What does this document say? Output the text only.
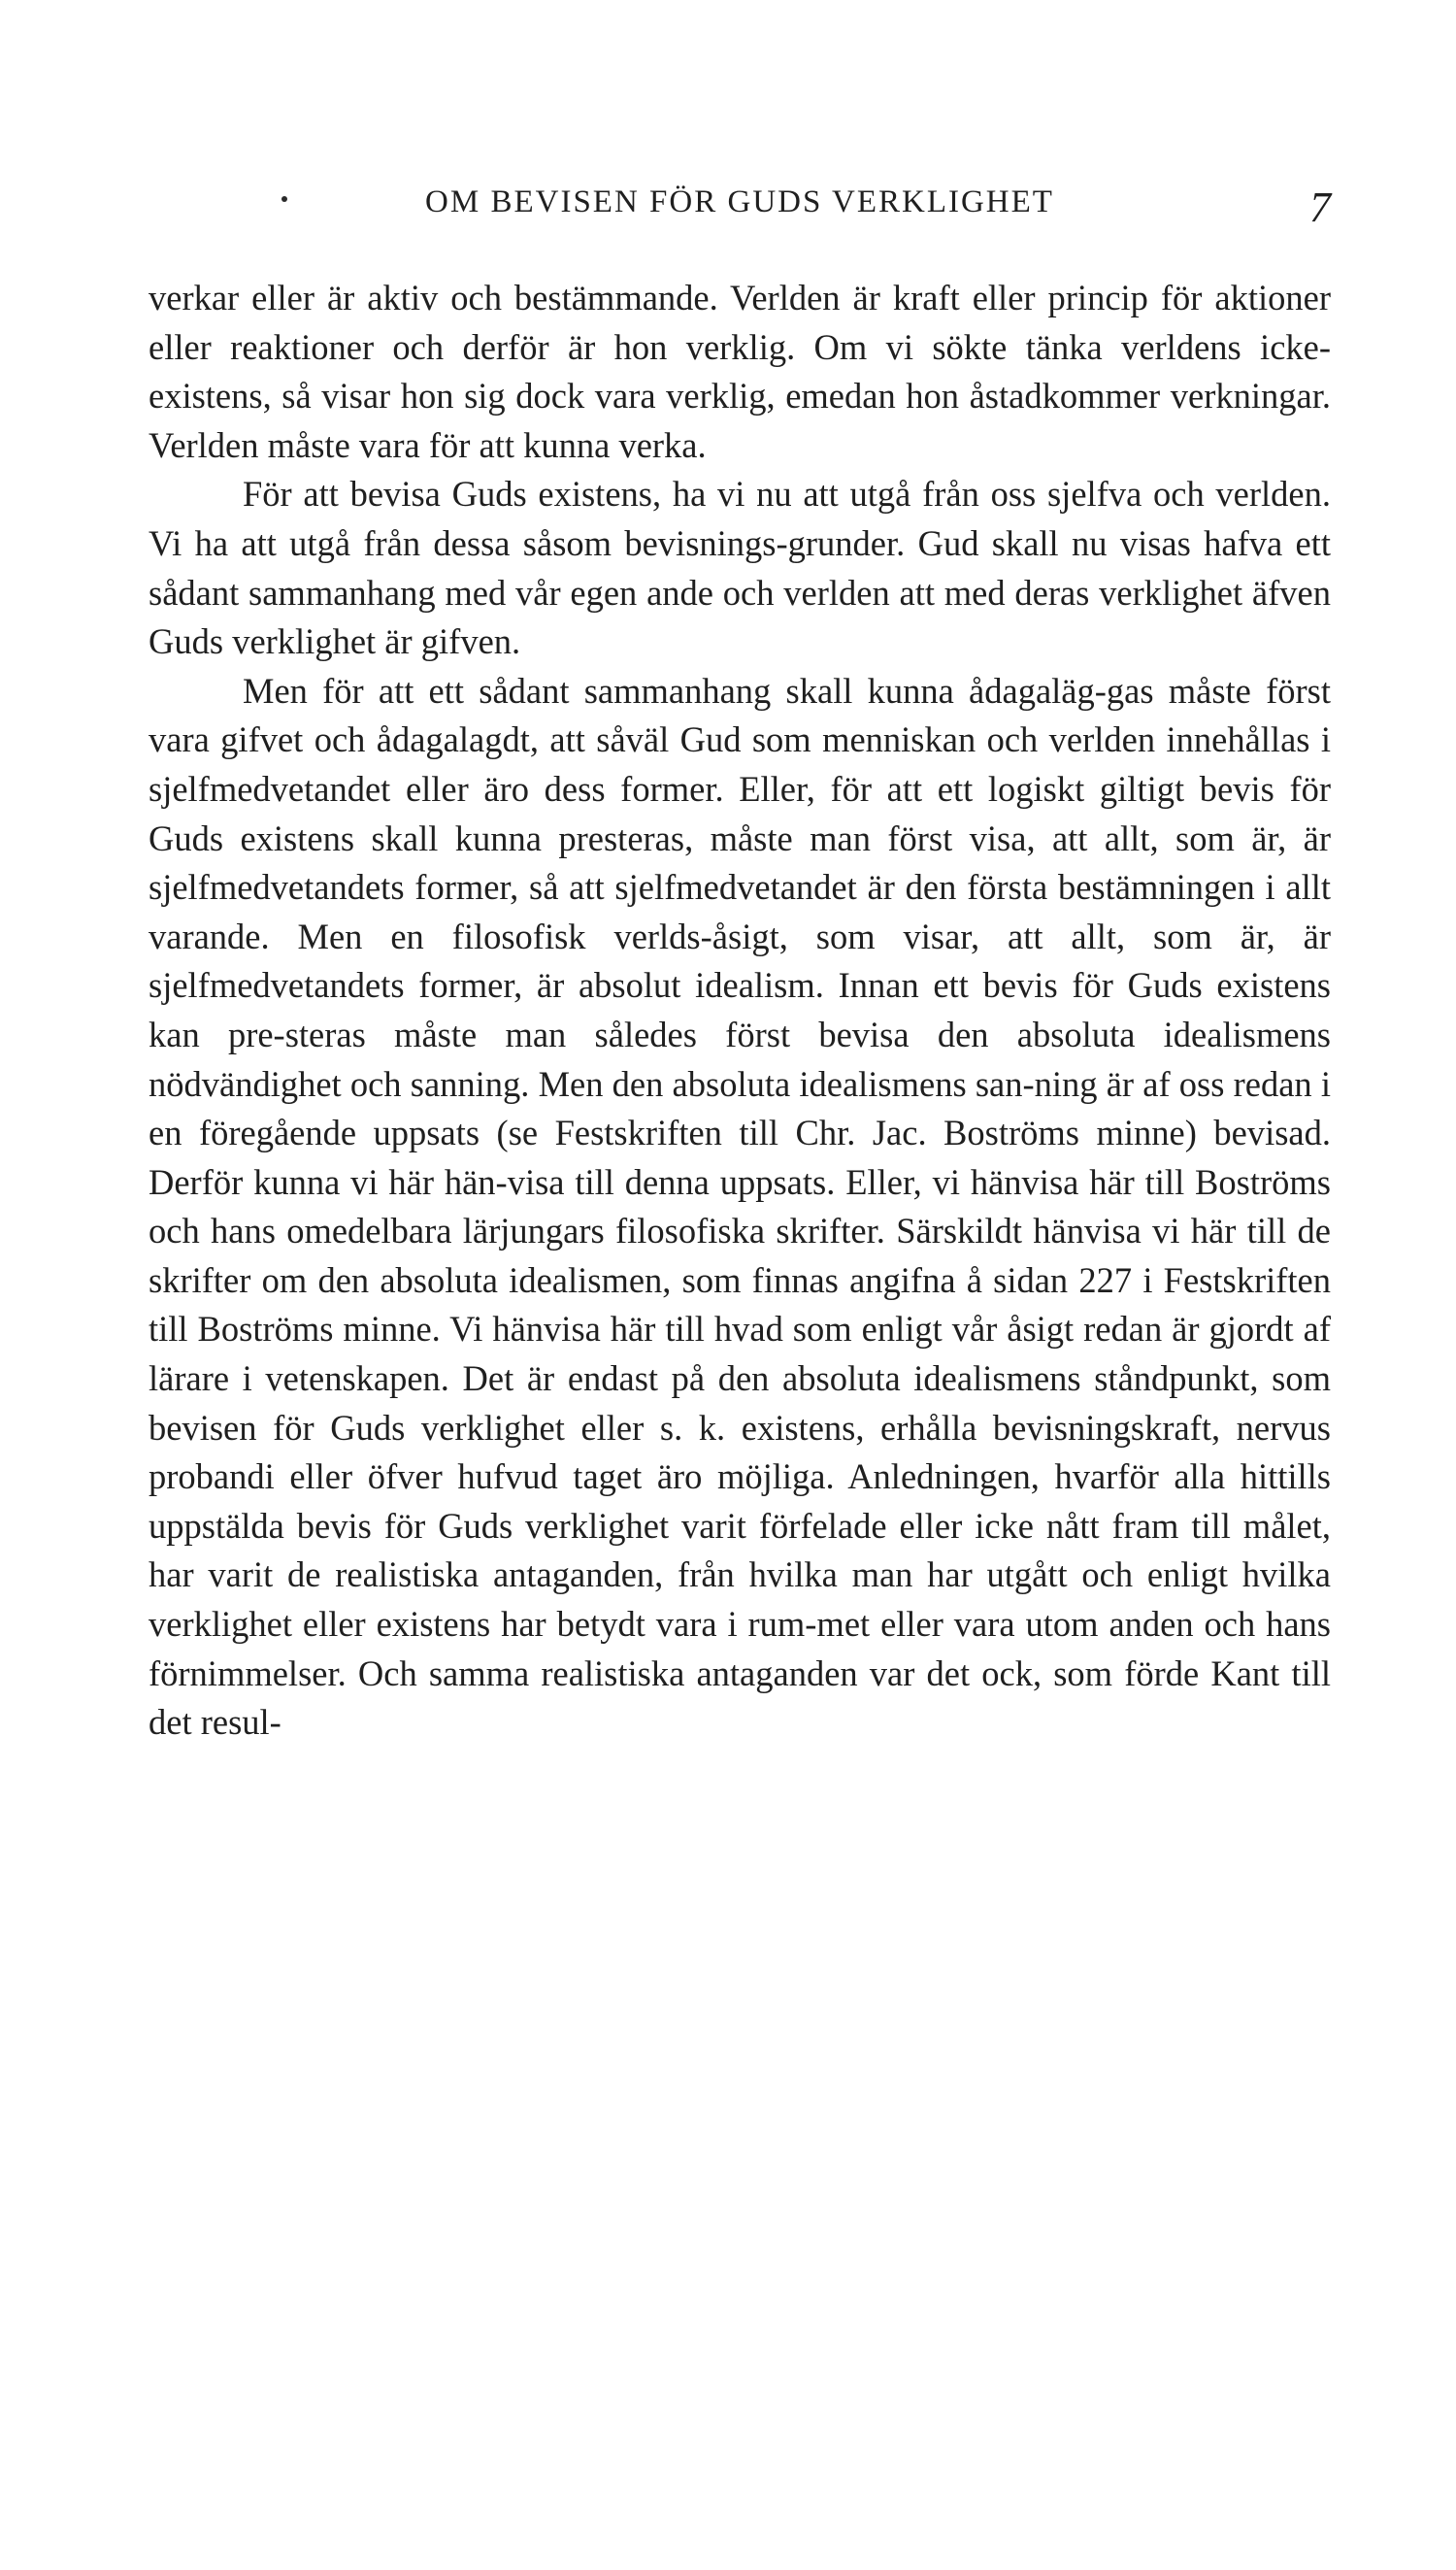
OM BEVISEN FÖR GUDS VERKLIGHET	7

verkar eller är aktiv och bestämmande. Verlden är kraft eller princip för aktioner eller reaktioner och derför är hon verklig. Om vi sökte tänka verldens icke-existens, så visar hon sig dock vara verklig, emedan hon åstadkommer verkningar. Verlden måste vara för att kunna verka.

För att bevisa Guds existens, ha vi nu att utgå från oss sjelfva och verlden. Vi ha att utgå från dessa såsom bevisnings-grunder. Gud skall nu visas hafva ett sådant sammanhang med vår egen ande och verlden att med deras verklighet äfven Guds verklighet är gifven.

Men för att ett sådant sammanhang skall kunna ådagaläg-gas måste först vara gifvet och ådagalagdt, att såväl Gud som menniskan och verlden innehållas i sjelfmedvetandet eller äro dess former. Eller, för att ett logiskt giltigt bevis för Guds existens skall kunna presteras, måste man först visa, att allt, som är, är sjelfmedvetandets former, så att sjelfmedvetandet är den första bestämningen i allt varande. Men en filosofisk verlds-åsigt, som visar, att allt, som är, är sjelfmedvetandets former, är absolut idealism. Innan ett bevis för Guds existens kan pre-steras måste man således först bevisa den absoluta idealismens nödvändighet och sanning. Men den absoluta idealismens san-ning är af oss redan i en föregående uppsats (se Festskriften till Chr. Jac. Boströms minne) bevisad. Derför kunna vi här hän-visa till denna uppsats. Eller, vi hänvisa här till Boströms och hans omedelbara lärjungars filosofiska skrifter. Särskildt hänvisa vi här till de skrifter om den absoluta idealismen, som finnas angifna å sidan 227 i Festskriften till Boströms minne. Vi hänvisa här till hvad som enligt vår åsigt redan är gjordt af lärare i vetenskapen. Det är endast på den absoluta idealismens ståndpunkt, som bevisen för Guds verklighet eller s. k. existens, erhålla bevisningskraft, nervus probandi eller öfver hufvud taget äro möjliga. Anledningen, hvarför alla hittills uppstälda bevis för Guds verklighet varit förfelade eller icke nått fram till målet, har varit de realistiska antaganden, från hvilka man har utgått och enligt hvilka verklighet eller existens har betydt vara i rum-met eller vara utom anden och hans förnimmelser. Och samma realistiska antaganden var det ock, som förde Kant till det resul-
